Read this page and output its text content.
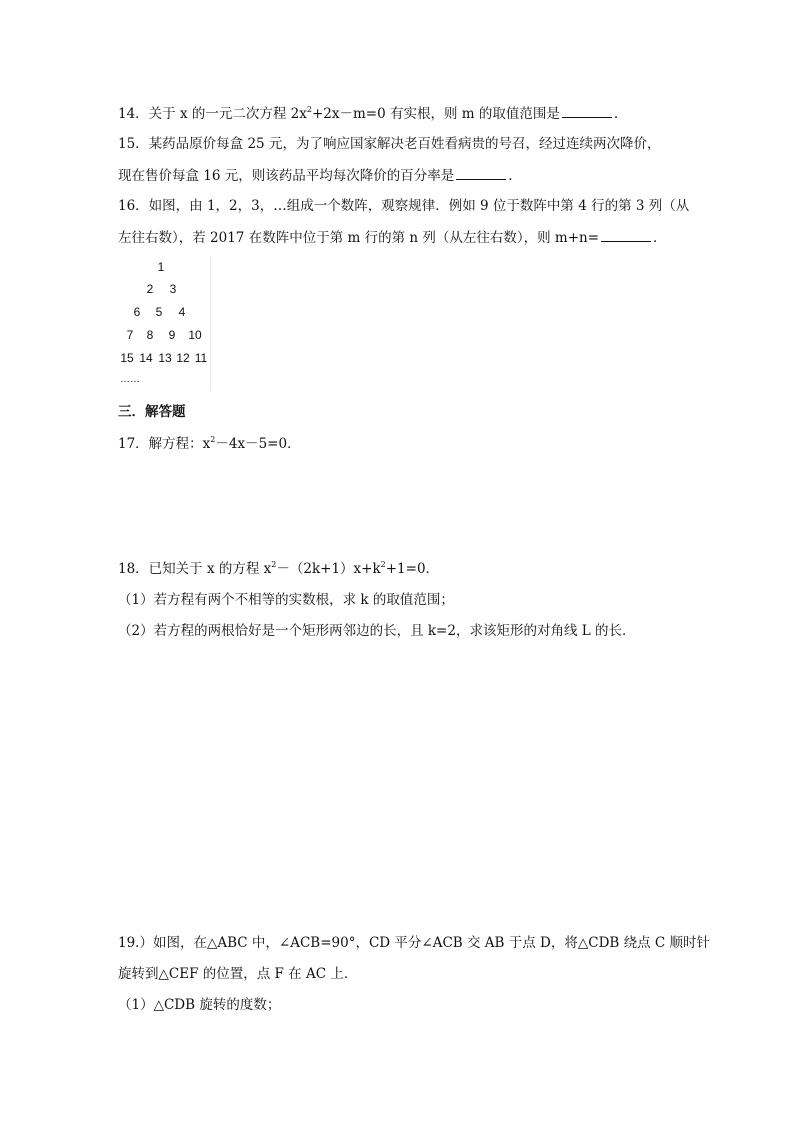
14．关于 x 的一元二次方程 $2x^2+2x-m=0$ 有实根，则 m 的取值范围是	.
15．某药品原价每盒 25 元，为了响应国家解决老百姓看病贵的号召，经过连续两次降价，
现在售价每盒 16 元，则该药品平均每次降价的百分率是	.
16．如图，由 1，2，3，…组成一个数阵，观察规律．例如 9 位于数阵中第 4 行的第 3 列（从
左往右数），若 2017 在数阵中位于第 m 行的第 n 列（从左往右数），则 m+n=	．
1
2	3
6	5	4
7	8	9	10
15 14 13 12 11
……
三．解答题
17．解方程：$x^2-4x-5=0$．
18．已知关于 x 的方程 $x^2-(2k+1)x+k^2+1=0$．
（1）若方程有两个不相等的实数根，求 k 的取值范围；
（2）若方程的两根恰好是一个矩形两邻边的长，且 k=2，求该矩形的对角线 L 的长．
19.）如图，在△ABC 中，∠ACB=90°，CD 平分∠ACB 交 AB 于点 D，将△CDB 绕点 C 顺时针
旋转到△CEF 的位置，点 F 在 AC 上．
（1）△CDB 旋转的度数；
